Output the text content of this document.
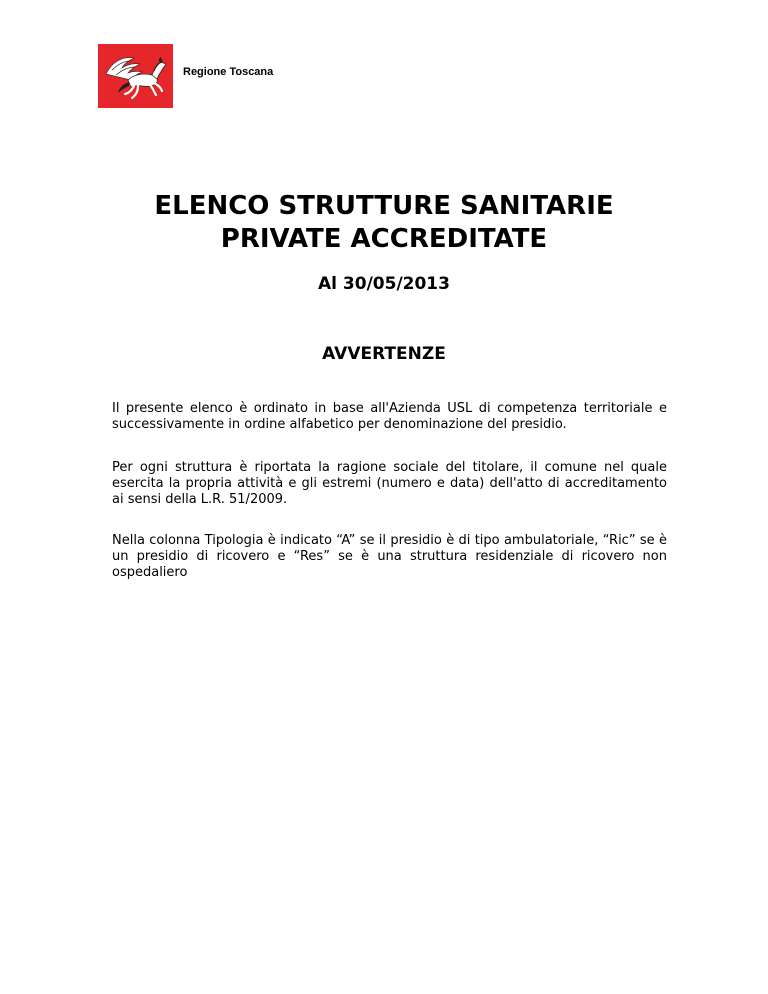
Regione Toscana
ELENCO STRUTTURE SANITARIE
PRIVATE ACCREDITATE
Al 30/05/2013
AVVERTENZE

Il presente elenco è ordinato in base all'Azienda USL di competenza territoriale e successivamente in ordine alfabetico per denominazione del presidio.

Per ogni struttura è riportata la ragione sociale del titolare, il comune nel quale esercita la propria attività e gli estremi (numero e data) dell'atto di accreditamento ai sensi della L.R. 51/2009.

Nella colonna Tipologia è indicato “A” se il presidio è di tipo ambulatoriale, “Ric” se è un presidio di ricovero e “Res” se è una struttura residenziale di ricovero non ospedaliero
